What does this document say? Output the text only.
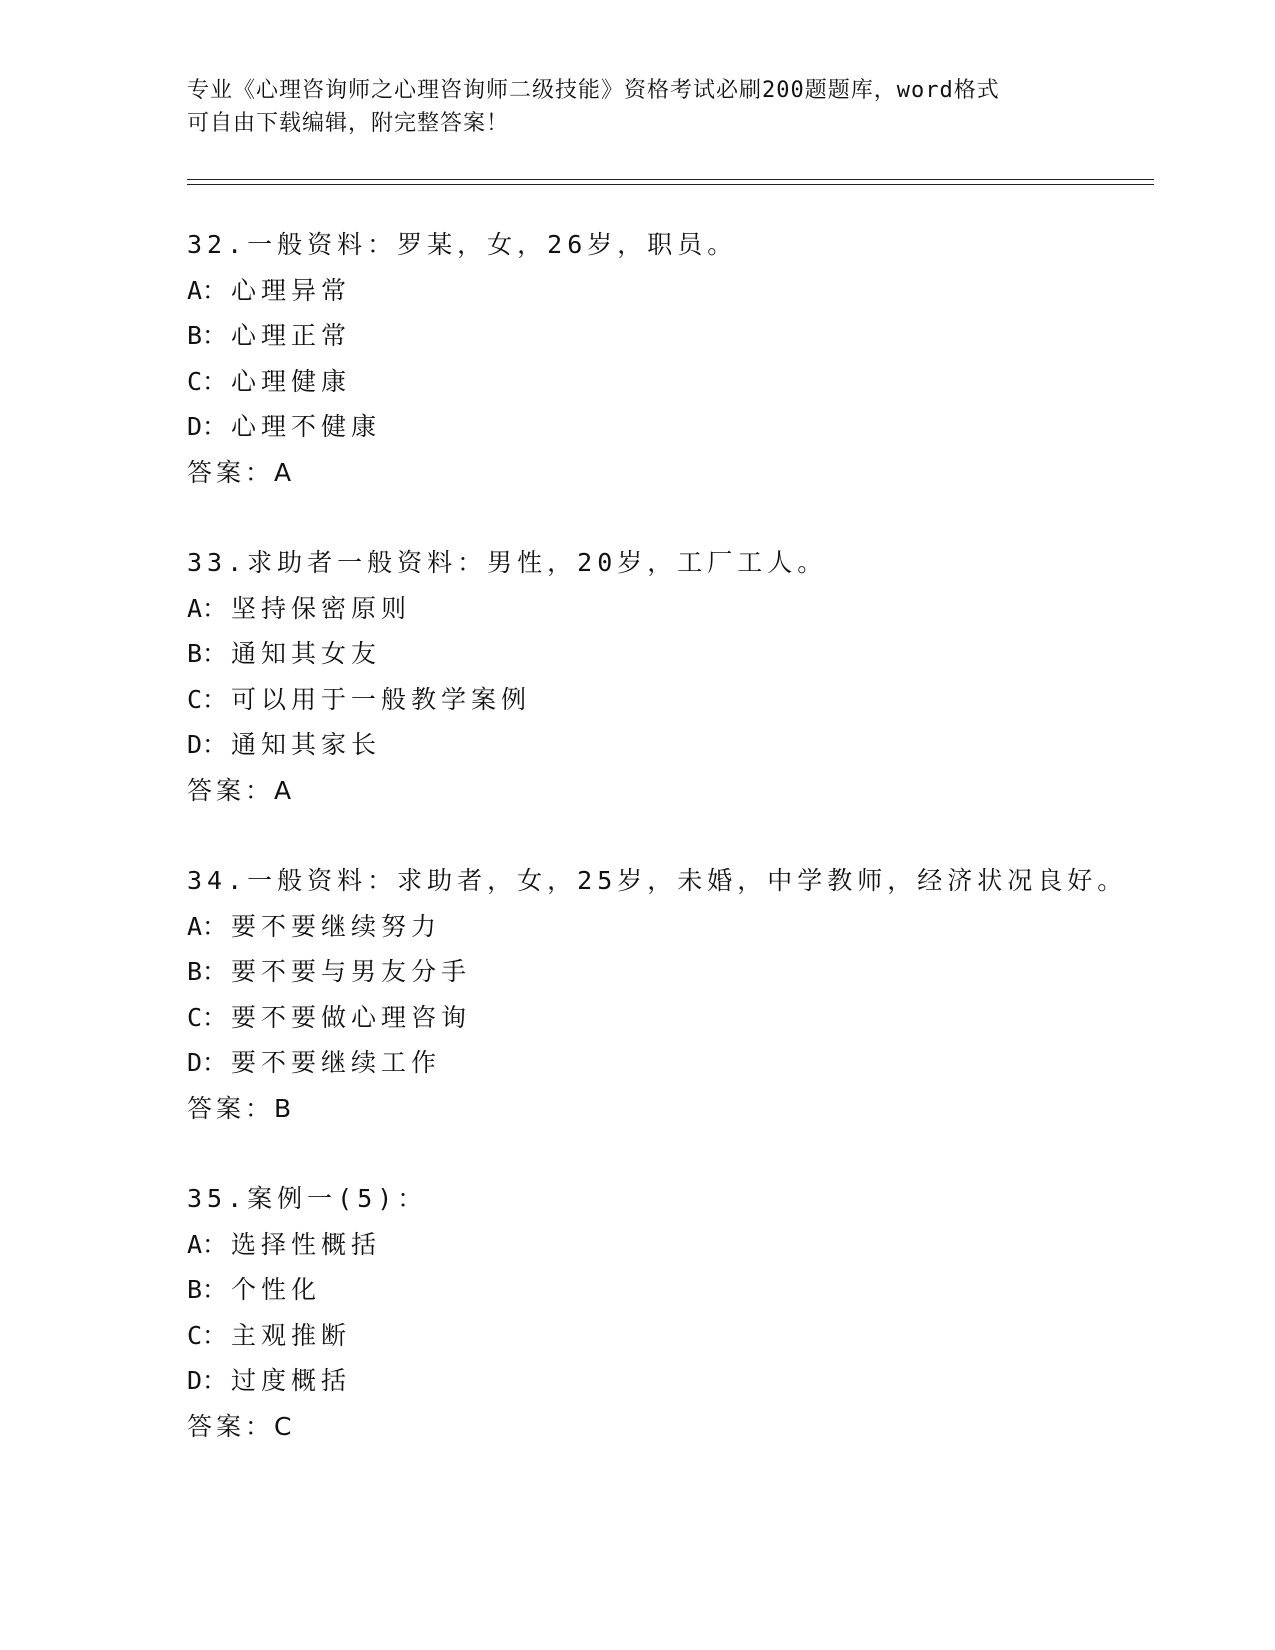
专业《心理咨询师之心理咨询师二级技能》资格考试必刷200题题库，word格式
可自由下载编辑，附完整答案！
32.一般资料：罗某，女，26岁，职员。
A： 心理异常
B： 心理正常
C： 心理健康
D： 心理不健康
答案：A
33.求助者一般资料：男性，20岁，工厂工人。
A： 坚持保密原则
B： 通知其女友
C： 可以用于一般教学案例
D： 通知其家长
答案：A
34.一般资料：求助者，女，25岁，未婚，中学教师，经济状况良好。
A： 要不要继续努力
B： 要不要与男友分手
C： 要不要做心理咨询
D： 要不要继续工作
答案：B
35.案例一(5)：
A： 选择性概括
B： 个性化
C： 主观推断
D： 过度概括
答案：C
